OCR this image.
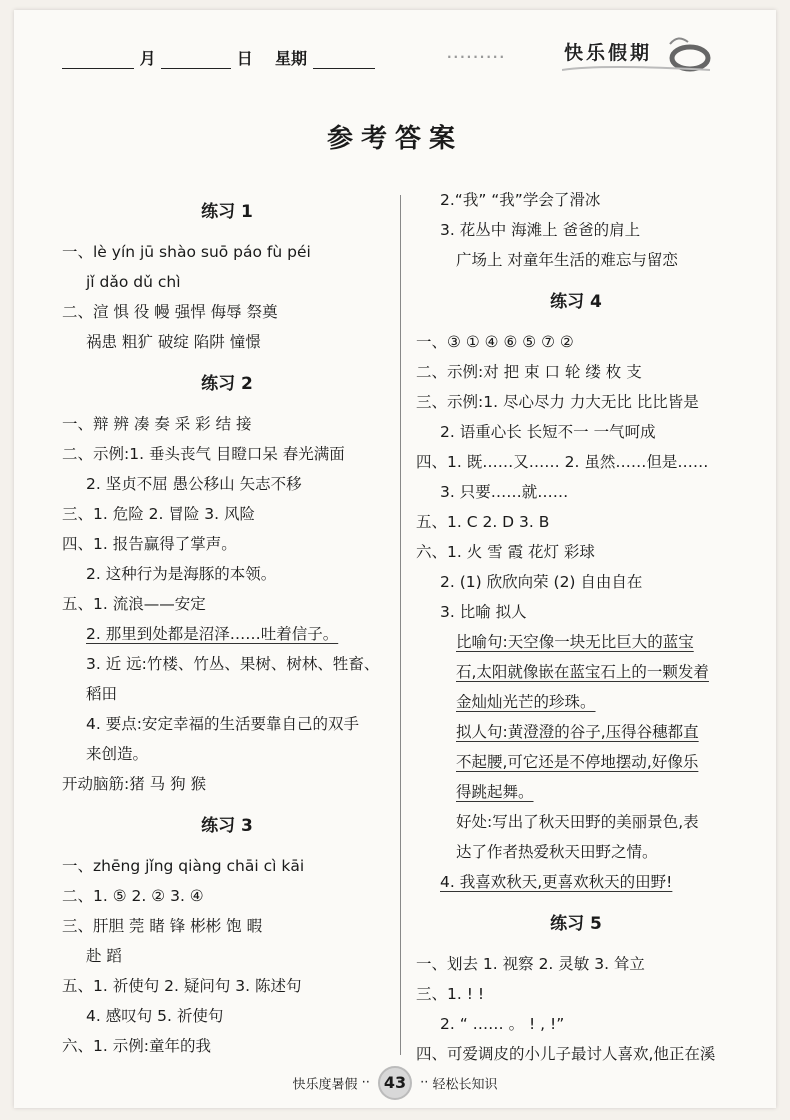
月	日 星期	·········	快乐假期
参考答案
练习 1
一、lè yín jū shào suō páo fù péi
jǐ dǎo dǔ chì
二、渲 惧 役 幔 强悍 侮辱 祭奠
祸患 粗犷 破绽 陷阱 憧憬
练习 2
一、辩 辨 凑 奏 采 彩 结 接
二、示例:1. 垂头丧气 目瞪口呆 春光满面
2. 坚贞不屈 愚公移山 矢志不移
三、1. 危险 2. 冒险 3. 风险
四、1. 报告赢得了掌声。
2. 这种行为是海豚的本领。
五、1. 流浪——安定
2. 那里到处都是沼泽……吐着信子。
3. 近 远:竹楼、竹丛、果树、树林、牲畜、
稻田
4. 要点:安定幸福的生活要靠自己的双手
来创造。
开动脑筋:猪 马 狗 猴
练习 3
一、zhēng jǐng qiàng chāi cì kāi
二、1. ⑤ 2. ② 3. ④
三、肝胆 莞 睹 锋 彬彬 饱 暇
赴 蹈
五、1. 祈使句 2. 疑问句 3. 陈述句
4. 感叹句 5. 祈使句
六、1. 示例:童年的我
2.“我” “我”学会了滑冰
3. 花丛中 海滩上 爸爸的肩上
广场上 对童年生活的难忘与留恋
练习 4
一、③ ① ④ ⑥ ⑤ ⑦ ②
二、示例:对 把 束 口 轮 缕 枚 支
三、示例:1. 尽心尽力 力大无比 比比皆是
2. 语重心长 长短不一 一气呵成
四、1. 既……又…… 2. 虽然……但是……
3. 只要……就……
五、1. C 2. D 3. B
六、1. 火 雪 霞 花灯 彩球
2. (1) 欣欣向荣 (2) 自由自在
3. 比喻 拟人
比喻句:天空像一块无比巨大的蓝宝
石,太阳就像嵌在蓝宝石上的一颗发着
金灿灿光芒的珍珠。
拟人句:黄澄澄的谷子,压得谷穗都直
不起腰,可它还是不停地摆动,好像乐
得跳起舞。
好处:写出了秋天田野的美丽景色,表
达了作者热爱秋天田野之情。
4. 我喜欢秋天,更喜欢秋天的田野!
练习 5
一、划去 1. 视察 2. 灵敏 3. 耸立
三、1. ! !
2. “ …… 。 ! , !”
四、可爱调皮的小儿子最讨人喜欢,他正在溪
快乐度暑假 ·· 43 ·· 轻松长知识
